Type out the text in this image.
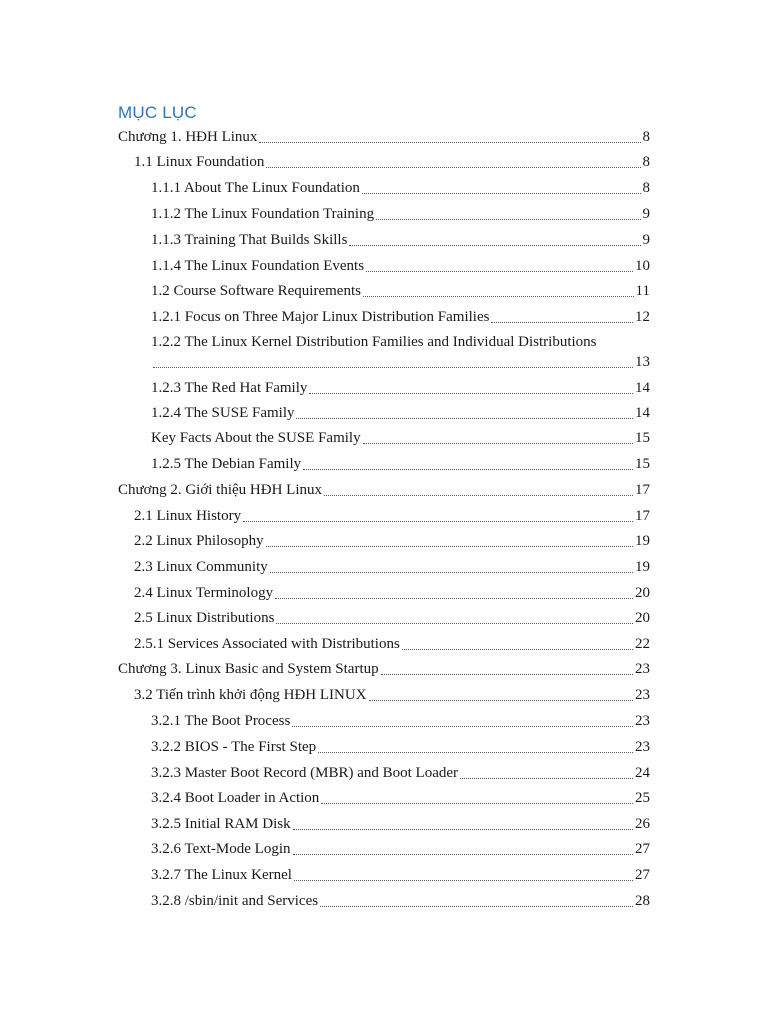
MỤC LỤC
Chương 1. HĐH Linux	8
1.1 Linux Foundation	8
1.1.1 About The Linux Foundation	8
1.1.2 The Linux Foundation Training	9
1.1.3 Training That Builds Skills	9
1.1.4 The Linux Foundation Events	10
1.2 Course Software Requirements	11
1.2.1 Focus on Three Major Linux Distribution Families	12
1.2.2 The Linux Kernel Distribution Families and Individual Distributions
13
1.2.3 The Red Hat Family	14
1.2.4 The SUSE Family	14
Key Facts About the SUSE Family	15
1.2.5 The Debian Family	15
Chương 2. Giới thiệu HĐH Linux	17
2.1 Linux History	17
2.2 Linux Philosophy	19
2.3 Linux Community	19
2.4 Linux Terminology	20
2.5 Linux Distributions	20
2.5.1 Services Associated with Distributions	22
Chương 3. Linux Basic and System Startup	23
3.2 Tiến trình khởi động HĐH LINUX	23
3.2.1 The Boot Process	23
3.2.2 BIOS - The First Step	23
3.2.3 Master Boot Record (MBR) and Boot Loader	24
3.2.4 Boot Loader in Action	25
3.2.5 Initial RAM Disk	26
3.2.6 Text-Mode Login	27
3.2.7 The Linux Kernel	27
3.2.8 /sbin/init and Services	28
